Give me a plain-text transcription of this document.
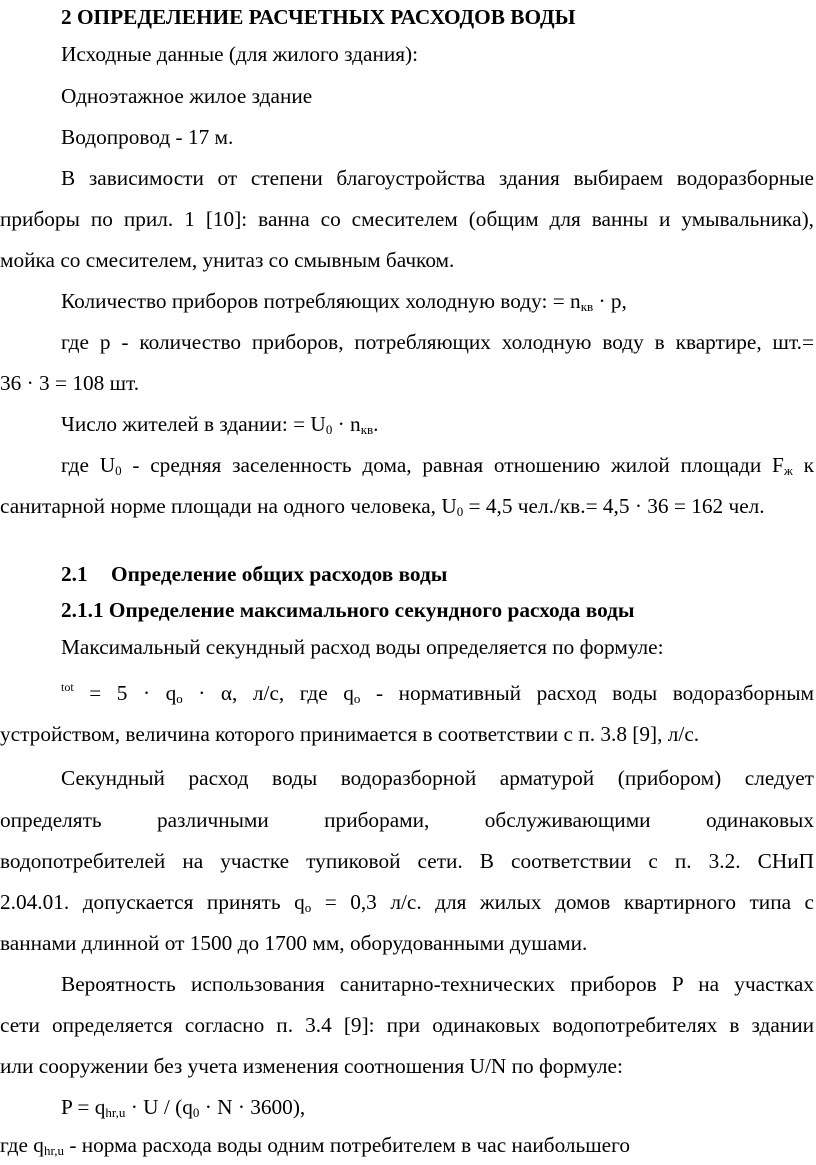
2 ОПРЕДЕЛЕНИЕ РАСЧЕТНЫХ РАСХОДОВ ВОДЫ
Исходные данные (для жилого здания):
Одноэтажное жилое здание
Водопровод - 17 м.
В зависимости от степени благоустройства здания выбираем водоразборные
приборы по прил. 1 [10]: ванна со смесителем (общим для ванны и умывальника),
мойка со смесителем, унитаз со смывным бачком.
Количество приборов потребляющих холодную воду: = $n_{кв} \cdot p$,
где p - количество приборов, потребляющих холодную воду в квартире, шт.=
36 · 3 = 108 шт.
Число жителей в здании: = $U_0 \cdot n_{кв}$.
где $U_0$ - средняя заселенность дома, равная отношению жилой площади $F_ж$ к
санитарной норме площади на одного человека, $U_0 = 4,5$ чел./кв.= 4,5 · 36 = 162 чел.
2.1 Определение общих расходов воды
2.1.1 Определение максимального секундного расхода воды
Максимальный секундный расход воды определяется по формуле:
$^{tot} = 5 \cdot q_o \cdot \alpha$, л/с, где $q_o$ - нормативный расход воды водоразборным
устройством, величина которого принимается в соответствии с п. 3.8 [9], л/с.
Секундный расход воды водоразборной арматурой (прибором) следует
определять различными приборами, обслуживающими одинаковых
водопотребителей на участке тупиковой сети. В соответствии с п. 3.2. СНиП
2.04.01. допускается принять $q_o = 0,3$ л/с. для жилых домов квартирного типа с
ваннами длинной от 1500 до 1700 мм, оборудованными душами.
Вероятность использования санитарно-технических приборов P на участках
сети определяется согласно п. 3.4 [9]: при одинаковых водопотребителях в здании
или сооружении без учета изменения соотношения U/N по формуле:
$P = q_{hr,u} \cdot U / (q_0 \cdot N \cdot 3600)$,
где $q_{hr,u}$ - норма расхода воды одним потребителем в час наибольшего
